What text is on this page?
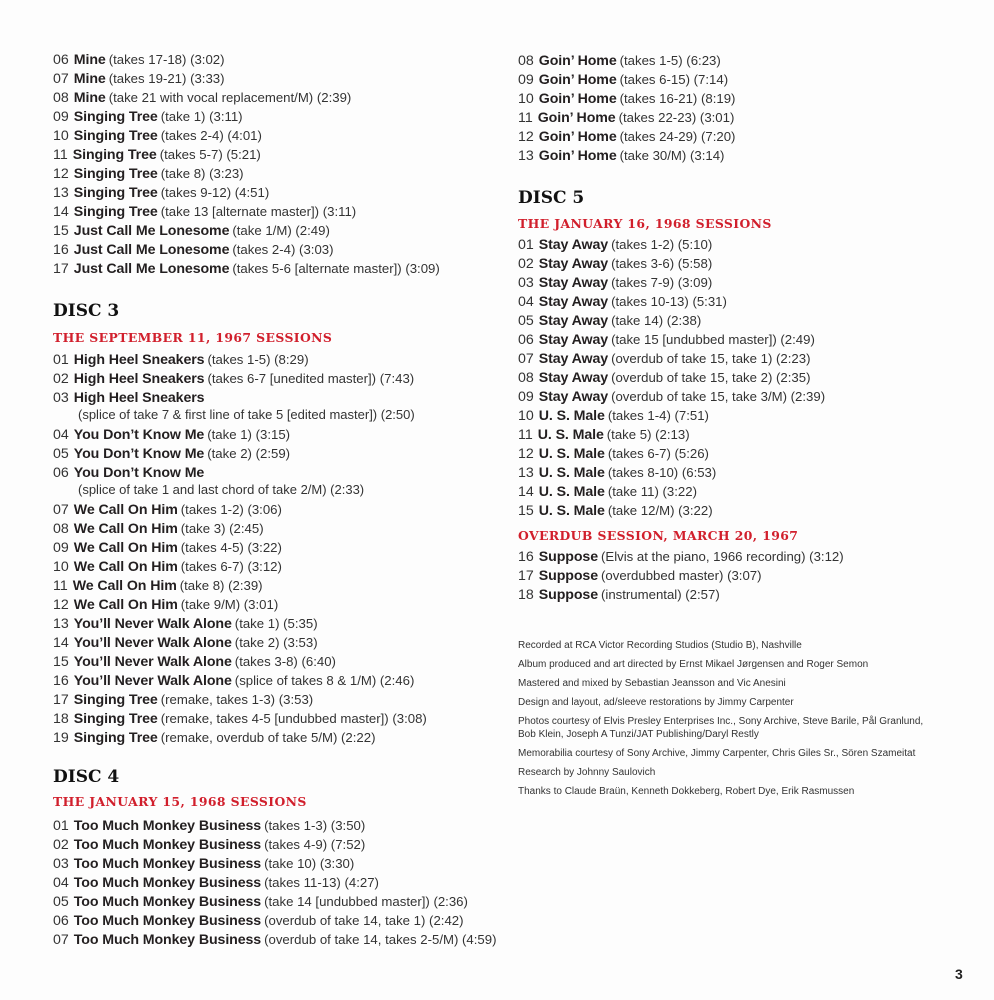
06 Mine (takes 17-18) (3:02)
07 Mine (takes 19-21) (3:33)
08 Mine (take 21 with vocal replacement/M) (2:39)
09 Singing Tree (take 1) (3:11)
10 Singing Tree (takes 2-4) (4:01)
11 Singing Tree (takes 5-7) (5:21)
12 Singing Tree (take 8) (3:23)
13 Singing Tree (takes 9-12) (4:51)
14 Singing Tree (take 13 [alternate master]) (3:11)
15 Just Call Me Lonesome (take 1/M) (2:49)
16 Just Call Me Lonesome (takes 2-4) (3:03)
17 Just Call Me Lonesome (takes 5-6 [alternate master]) (3:09)
DISC 3
THE SEPTEMBER 11, 1967 SESSIONS
01 High Heel Sneakers (takes 1-5) (8:29)
02 High Heel Sneakers (takes 6-7 [unedited master]) (7:43)
03 High Heel Sneakers
(splice of take 7 & first line of take 5 [edited master]) (2:50)
04 You Don’t Know Me (take 1) (3:15)
05 You Don’t Know Me (take 2) (2:59)
06 You Don’t Know Me
(splice of take 1 and last chord of take 2/M) (2:33)
07 We Call On Him (takes 1-2) (3:06)
08 We Call On Him (take 3) (2:45)
09 We Call On Him (takes 4-5) (3:22)
10 We Call On Him (takes 6-7) (3:12)
11 We Call On Him (take 8) (2:39)
12 We Call On Him (take 9/M) (3:01)
13 You’ll Never Walk Alone (take 1) (5:35)
14 You’ll Never Walk Alone (take 2) (3:53)
15 You’ll Never Walk Alone (takes 3-8) (6:40)
16 You’ll Never Walk Alone (splice of takes 8 & 1/M) (2:46)
17 Singing Tree (remake, takes 1-3) (3:53)
18 Singing Tree (remake, takes 4-5 [undubbed master]) (3:08)
19 Singing Tree (remake, overdub of take 5/M) (2:22)
DISC 4
THE JANUARY 15, 1968 SESSIONS
01 Too Much Monkey Business (takes 1-3) (3:50)
02 Too Much Monkey Business (takes 4-9) (7:52)
03 Too Much Monkey Business (take 10) (3:30)
04 Too Much Monkey Business (takes 11-13) (4:27)
05 Too Much Monkey Business (take 14 [undubbed master]) (2:36)
06 Too Much Monkey Business (overdub of take 14, take 1) (2:42)
07 Too Much Monkey Business (overdub of take 14, takes 2-5/M) (4:59)
08 Goin’ Home (takes 1-5) (6:23)
09 Goin’ Home (takes 6-15) (7:14)
10 Goin’ Home (takes 16-21) (8:19)
11 Goin’ Home (takes 22-23) (3:01)
12 Goin’ Home (takes 24-29) (7:20)
13 Goin’ Home (take 30/M) (3:14)
DISC 5
THE JANUARY 16, 1968 SESSIONS
01 Stay Away (takes 1-2) (5:10)
02 Stay Away (takes 3-6) (5:58)
03 Stay Away (takes 7-9) (3:09)
04 Stay Away (takes 10-13) (5:31)
05 Stay Away (take 14) (2:38)
06 Stay Away (take 15 [undubbed master]) (2:49)
07 Stay Away (overdub of take 15, take 1) (2:23)
08 Stay Away (overdub of take 15, take 2) (2:35)
09 Stay Away (overdub of take 15, take 3/M) (2:39)
10 U. S. Male (takes 1-4) (7:51)
11 U. S. Male (take 5) (2:13)
12 U. S. Male (takes 6-7) (5:26)
13 U. S. Male (takes 8-10) (6:53)
14 U. S. Male (take 11) (3:22)
15 U. S. Male (take 12/M) (3:22)
OVERDUB SESSION, MARCH 20, 1967
16 Suppose (Elvis at the piano, 1966 recording) (3:12)
17 Suppose (overdubbed master) (3:07)
18 Suppose (instrumental) (2:57)
Recorded at RCA Victor Recording Studios (Studio B), Nashville
Album produced and art directed by Ernst Mikael Jørgensen and Roger Semon
Mastered and mixed by Sebastian Jeansson and Vic Anesini
Design and layout, ad/sleeve restorations by Jimmy Carpenter
Photos courtesy of Elvis Presley Enterprises Inc., Sony Archive, Steve Barile, Pål Granlund,
Bob Klein, Joseph A Tunzi/JAT Publishing/Daryl Restly
Memorabilia courtesy of Sony Archive, Jimmy Carpenter, Chris Giles Sr., Sören Szameitat
Research by Johnny Saulovich
Thanks to Claude Braün, Kenneth Dokkeberg, Robert Dye, Erik Rasmussen
3
